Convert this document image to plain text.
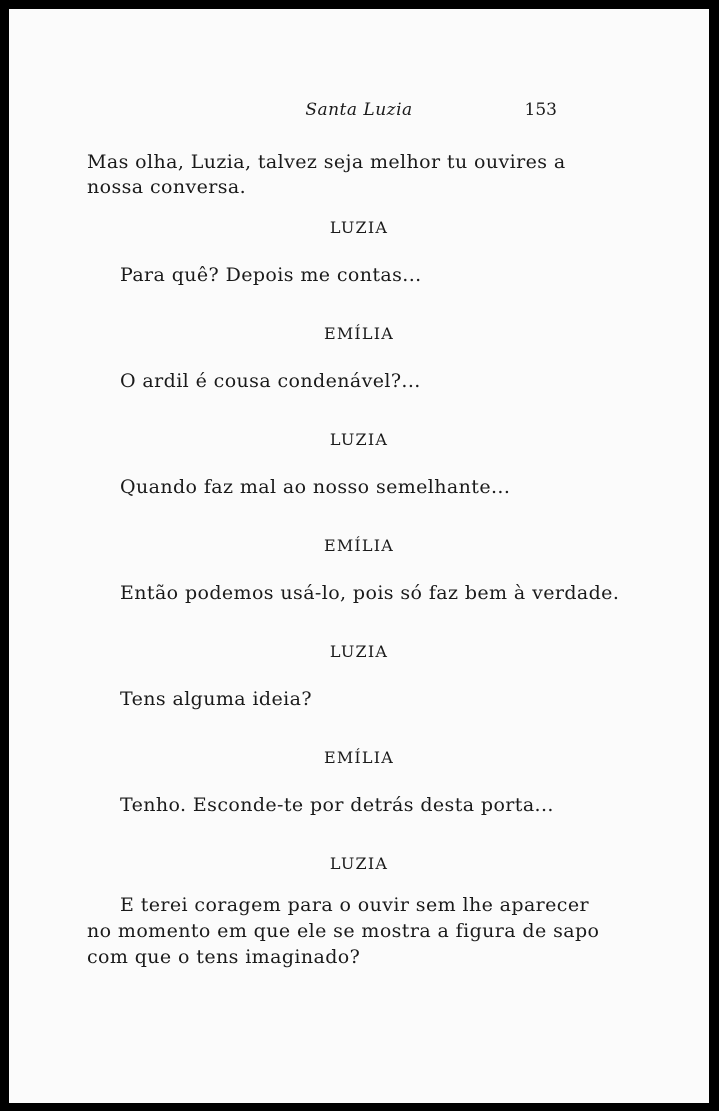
Santa Luzia	153
Mas olha, Luzia, talvez seja melhor tu ouvires a
nossa conversa.
LUZIA
Para quê? Depois me contas...
EMÍLIA
O ardil é cousa condenável?...
LUZIA
Quando faz mal ao nosso semelhante...
EMÍLIA
Então podemos usá-lo, pois só faz bem à verdade.
LUZIA
Tens alguma ideia?
EMÍLIA
Tenho. Esconde-te por detrás desta porta...
LUZIA
E terei coragem para o ouvir sem lhe aparecer
no momento em que ele se mostra a figura de sapo
com que o tens imaginado?
